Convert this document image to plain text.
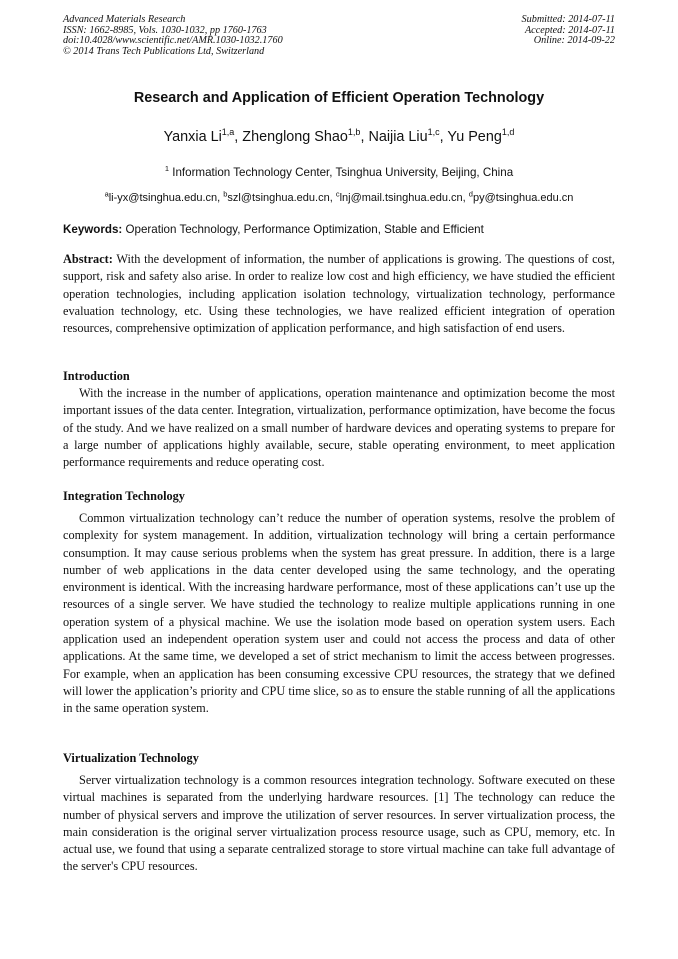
Advanced Materials Research
ISSN: 1662-8985, Vols. 1030-1032, pp 1760-1763
doi:10.4028/www.scientific.net/AMR.1030-1032.1760
© 2014 Trans Tech Publications Ltd, Switzerland
Submitted: 2014-07-11
Accepted: 2014-07-11
Online: 2014-09-22
Research and Application of Efficient Operation Technology
Yanxia Li$^{1,a}$, Zhenglong Shao$^{1,b}$, Naijia Liu$^{1,c}$, Yu Peng$^{1,d}$
$^1$ Information Technology Center, Tsinghua University, Beijing, China
$^a$li-yx@tsinghua.edu.cn, $^b$szl@tsinghua.edu.cn, $^c$lnj@mail.tsinghua.edu.cn, $^d$py@tsinghua.edu.cn
Keywords: Operation Technology, Performance Optimization, Stable and Efficient

Abstract: With the development of information, the number of applications is growing. The questions of cost, support, risk and safety also arise. In order to realize low cost and high efficiency, we have studied the efficient operation technologies, including application isolation technology, virtualization technology, performance evaluation technology, etc. Using these technologies, we have realized efficient integration of operation resources, comprehensive optimization of application performance, and high satisfaction of end users.

Introduction

With the increase in the number of applications, operation maintenance and optimization become the most important issues of the data center. Integration, virtualization, performance optimization, have become the focus of the study. And we have realized on a small number of hardware devices and operating systems to prepare for a large number of applications highly available, secure, stable operating environment, to meet application performance requirements and reduce operating cost.

Integration Technology

Common virtualization technology can’t reduce the number of operation systems, resolve the problem of complexity for system management. In addition, virtualization technology will bring a certain performance consumption. It may cause serious problems when the system has great pressure. In addition, there is a large number of web applications in the data center developed using the same technology, and the operating environment is identical. With the increasing hardware performance, most of these applications can’t use up the resources of a single server. We have studied the technology to realize multiple applications running in one operation system of a physical machine. We use the isolation mode based on operation system users. Each application used an independent operation system user and could not access the process and data of other applications. At the same time, we developed a set of strict mechanism to limit the access between progresses. For example, when an application has been consuming excessive CPU resources, the strategy that we defined will lower the application’s priority and CPU time slice, so as to ensure the stable running of all the applications in the same operation system.

Virtualization Technology

Server virtualization technology is a common resources integration technology. Software executed on these virtual machines is separated from the underlying hardware resources. [1] The technology can reduce the number of physical servers and improve the utilization of server resources. In server virtualization process, the main consideration is the original server virtualization process resource usage, such as CPU, memory, etc. In actual use, we found that using a separate centralized storage to store virtual machine can take full advantage of the server's CPU resources.
